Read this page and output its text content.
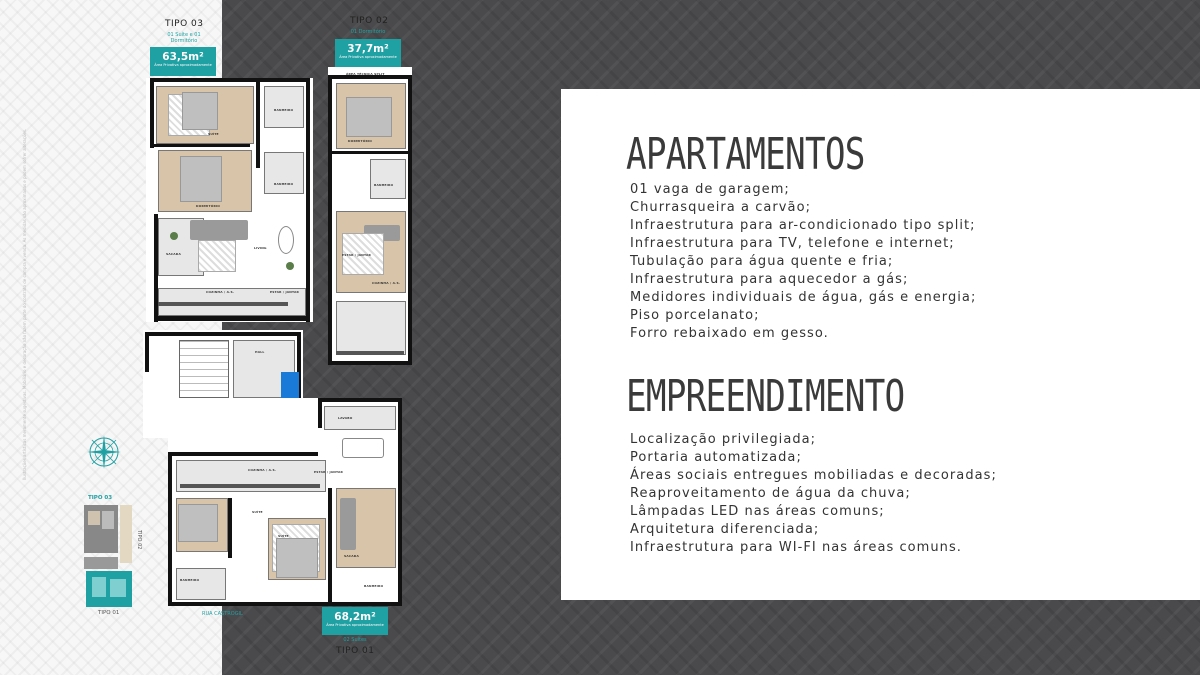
Ilustrações artísticas meramente sugestivas. Mobiliário e decoração não fazem parte do contrato de compra e venda. As medidas são aproximadas e podem sofrer alterações.
TIPO 03
01 Suíte e 01
Dormitório
63,5m²
Área Privativa aproximadamente
SUÍTE
BANHEIRO
BANHEIRO
DORMITÓRIO
SACADA
LIVING
COZINHA / A.S.	ESTAR / JANTAR
TIPO 02
37,7m²
Área Privativa aproximadamente
01 Dormitório
ÁREA TÉCNICA SPLIT
DORMITÓRIO
BANHEIRO
ESTAR / JANTAR
COZINHA / A.S.
HALL
LAVABO
COZINHA / A.S.	ESTAR / JANTAR
SUÍTE
SUÍTE
BANHEIRO
BANHEIRO
SACADA
68,2m²
Área Privativa aproximadamente
02 Suítes
TIPO 01
TIPO 03
TIPO 02
TIPO 01	RUA CASTROGIL
APARTAMENTOS
01 vaga de garagem;
Churrasqueira a carvão;
Infraestrutura para ar-condicionado tipo split;
Infraestrutura para TV, telefone e internet;
Tubulação para água quente e fria;
Infraestrutura para aquecedor a gás;
Medidores individuais de água, gás e energia;
Piso porcelanato;
Forro rebaixado em gesso.
EMPREENDIMENTO
Localização privilegiada;
Portaria automatizada;
Áreas sociais entregues mobiliadas e decoradas;
Reaproveitamento de água da chuva;
Lâmpadas LED nas áreas comuns;
Arquitetura diferenciada;
Infraestrutura para WI-FI nas áreas comuns.
